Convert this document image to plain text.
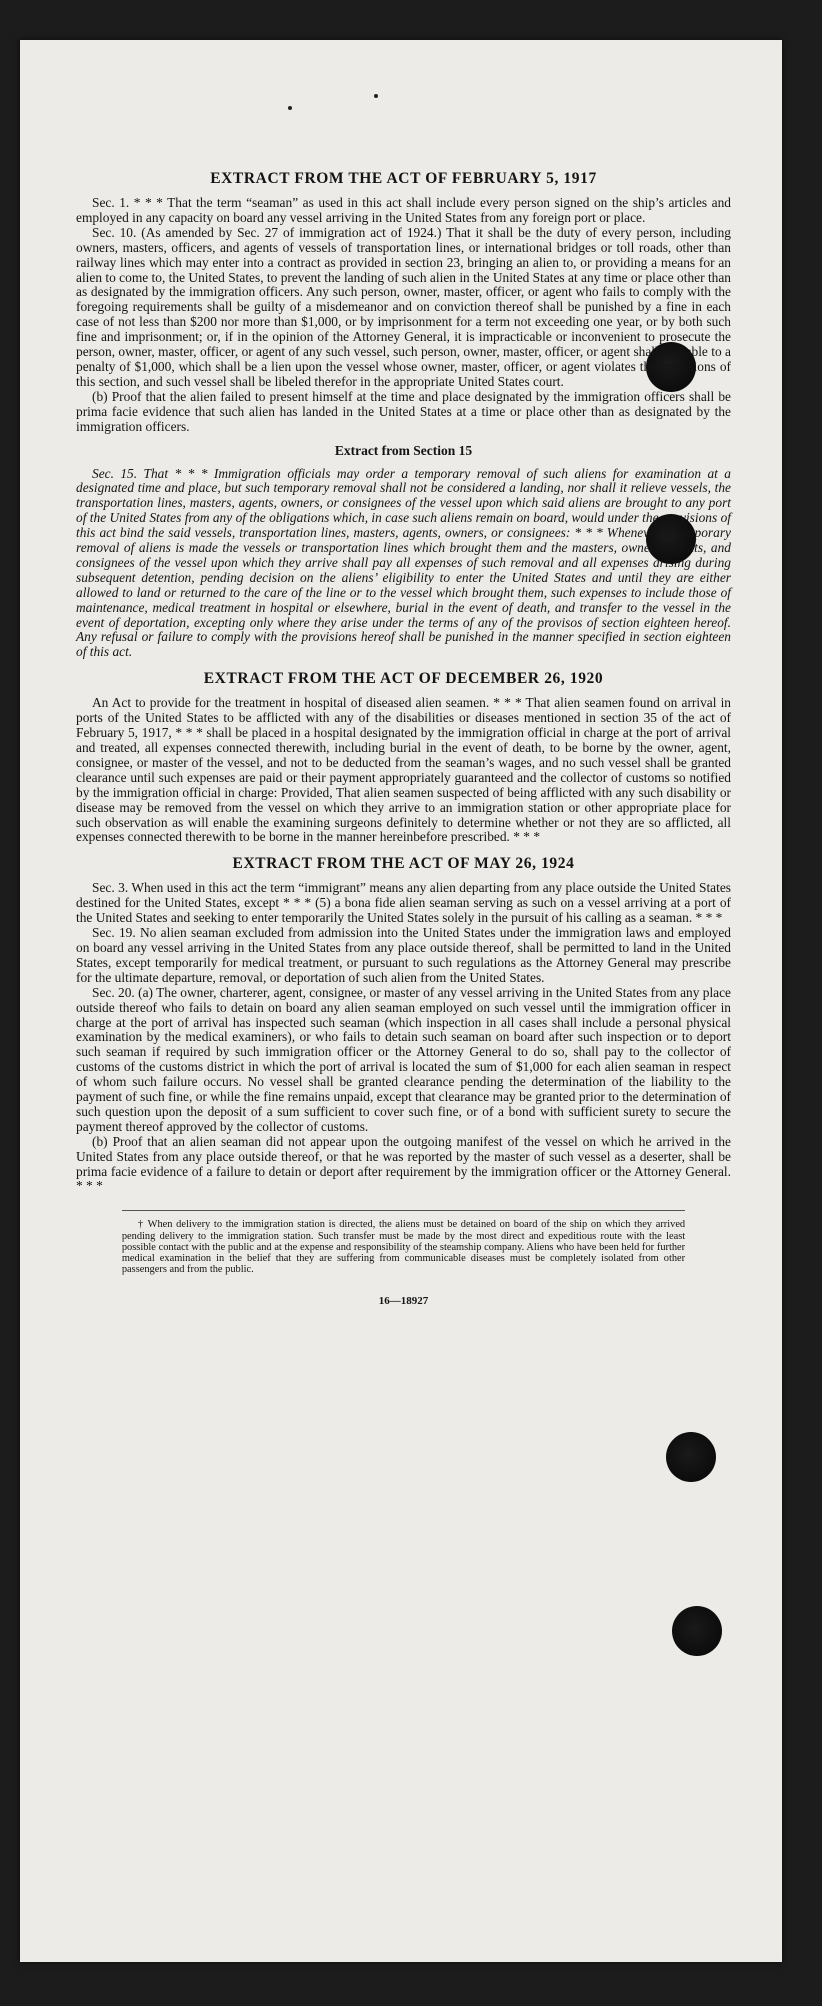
EXTRACT FROM THE ACT OF FEBRUARY 5, 1917

Sec. 1. * * * That the term “seaman” as used in this act shall include every person signed on the ship’s articles and employed in any capacity on board any vessel arriving in the United States from any foreign port or place.

Sec. 10. (As amended by Sec. 27 of immigration act of 1924.) That it shall be the duty of every person, including owners, masters, officers, and agents of vessels of transportation lines, or international bridges or toll roads, other than railway lines which may enter into a contract as provided in section 23, bringing an alien to, or providing a means for an alien to come to, the United States, to prevent the landing of such alien in the United States at any time or place other than as designated by the immigration officers. Any such person, owner, master, officer, or agent who fails to comply with the foregoing requirements shall be guilty of a misdemeanor and on conviction thereof shall be punished by a fine in each case of not less than $200 nor more than $1,000, or by imprisonment for a term not exceeding one year, or by both such fine and imprisonment; or, if in the opinion of the Attorney General, it is impracticable or inconvenient to prosecute the person, owner, master, officer, or agent of any such vessel, such person, owner, master, officer, or agent shall be liable to a penalty of $1,000, which shall be a lien upon the vessel whose owner, master, officer, or agent violates the provisions of this section, and such vessel shall be libeled therefor in the appropriate United States court.

(b) Proof that the alien failed to present himself at the time and place designated by the immigration officers shall be prima facie evidence that such alien has landed in the United States at a time or place other than as designated by the immigration officers.

Extract from Section 15

Sec. 15. That * * * Immigration officials may order a temporary removal of such aliens for examination at a designated time and place, but such temporary removal shall not be considered a landing, nor shall it relieve vessels, the transportation lines, masters, agents, owners, or consignees of the vessel upon which said aliens are brought to any port of the United States from any of the obligations which, in case such aliens remain on board, would under the provisions of this act bind the said vessels, transportation lines, masters, agents, owners, or consignees: * * * Whenever a temporary removal of aliens is made the vessels or transportation lines which brought them and the masters, owners, agents, and consignees of the vessel upon which they arrive shall pay all expenses of such removal and all expenses arising during subsequent detention, pending decision on the aliens’ eligibility to enter the United States and until they are either allowed to land or returned to the care of the line or to the vessel which brought them, such expenses to include those of maintenance, medical treatment in hospital or elsewhere, burial in the event of death, and transfer to the vessel in the event of deportation, excepting only where they arise under the terms of any of the provisos of section eighteen hereof. Any refusal or failure to comply with the provisions hereof shall be punished in the manner specified in section eighteen of this act.

EXTRACT FROM THE ACT OF DECEMBER 26, 1920

An Act to provide for the treatment in hospital of diseased alien seamen. * * * That alien seamen found on arrival in ports of the United States to be afflicted with any of the disabilities or diseases mentioned in section 35 of the act of February 5, 1917, * * * shall be placed in a hospital designated by the immigration official in charge at the port of arrival and treated, all expenses connected therewith, including burial in the event of death, to be borne by the owner, agent, consignee, or master of the vessel, and not to be deducted from the seaman’s wages, and no such vessel shall be granted clearance until such expenses are paid or their payment appropriately guaranteed and the collector of customs so notified by the immigration official in charge: Provided, That alien seamen suspected of being afflicted with any such disability or disease may be removed from the vessel on which they arrive to an immigration station or other appropriate place for such observation as will enable the examining surgeons definitely to determine whether or not they are so afflicted, all expenses connected therewith to be borne in the manner hereinbefore prescribed. * * *

EXTRACT FROM THE ACT OF MAY 26, 1924

Sec. 3. When used in this act the term “immigrant” means any alien departing from any place outside the United States destined for the United States, except * * * (5) a bona fide alien seaman serving as such on a vessel arriving at a port of the United States and seeking to enter temporarily the United States solely in the pursuit of his calling as a seaman. * * *

Sec. 19. No alien seaman excluded from admission into the United States under the immigration laws and employed on board any vessel arriving in the United States from any place outside thereof, shall be permitted to land in the United States, except temporarily for medical treatment, or pursuant to such regulations as the Attorney General may prescribe for the ultimate departure, removal, or deportation of such alien from the United States.

Sec. 20. (a) The owner, charterer, agent, consignee, or master of any vessel arriving in the United States from any place outside thereof who fails to detain on board any alien seaman employed on such vessel until the immigration officer in charge at the port of arrival has inspected such seaman (which inspection in all cases shall include a personal physical examination by the medical examiners), or who fails to detain such seaman on board after such inspection or to deport such seaman if required by such immigration officer or the Attorney General to do so, shall pay to the collector of customs of the customs district in which the port of arrival is located the sum of $1,000 for each alien seaman in respect of whom such failure occurs. No vessel shall be granted clearance pending the determination of the liability to the payment of such fine, or while the fine remains unpaid, except that clearance may be granted prior to the determination of such question upon the deposit of a sum sufficient to cover such fine, or of a bond with sufficient surety to secure the payment thereof approved by the collector of customs.

(b) Proof that an alien seaman did not appear upon the outgoing manifest of the vessel on which he arrived in the United States from any place outside thereof, or that he was reported by the master of such vessel as a deserter, shall be prima facie evidence of a failure to detain or deport after requirement by the immigration officer or the Attorney General. * * *

† When delivery to the immigration station is directed, the aliens must be detained on board of the ship on which they arrived pending delivery to the immigration station. Such transfer must be made by the most direct and expeditious route with the least possible contact with the public and at the expense and responsibility of the steamship company. Aliens who have been held for further medical examination in the belief that they are suffering from communicable diseases must be completely isolated from other passengers and from the public.

16—18927
